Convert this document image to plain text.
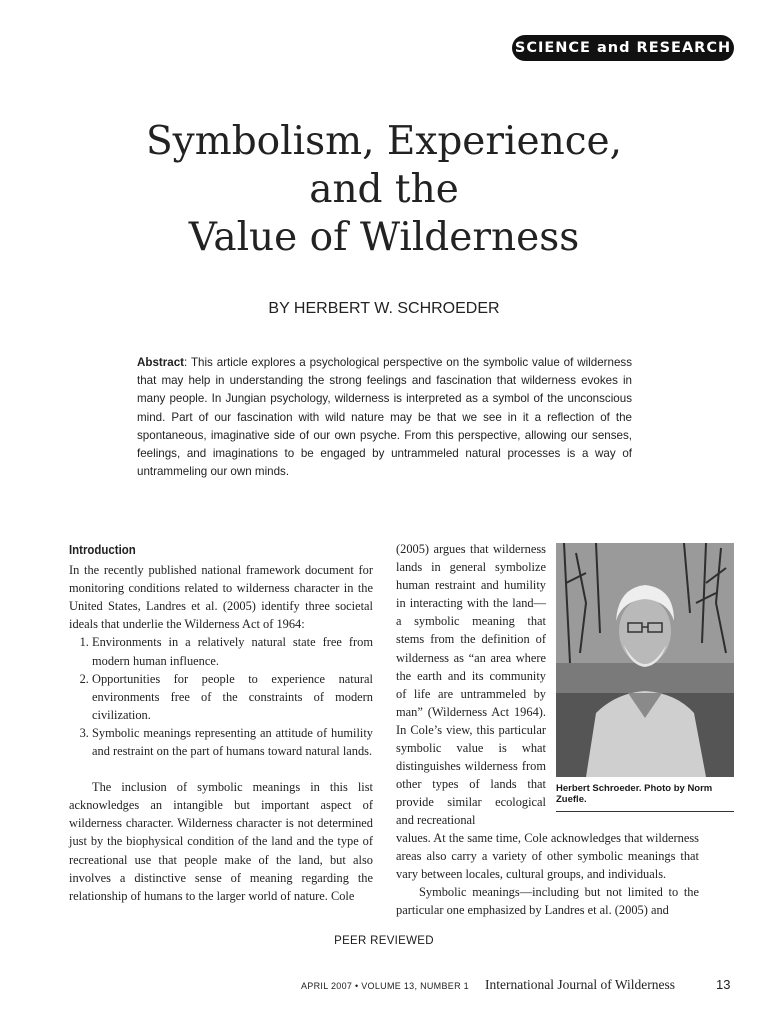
SCIENCE and RESEARCH
Symbolism, Experience,
and the
Value of Wilderness
BY HERBERT W. SCHROEDER

Abstract: This article explores a psychological perspective on the symbolic value of wilderness that may help in understanding the strong feelings and fascination that wilderness evokes in many people. In Jungian psychology, wilderness is interpreted as a symbol of the unconscious mind. Part of our fascination with wild nature may be that we see in it a reflection of the spontaneous, imaginative side of our own psyche. From this perspective, allowing our senses, feelings, and imaginations to be engaged by untrammeled natural processes is a way of untrammeling our own minds.

Introduction

In the recently published national framework document for monitoring conditions related to wilderness character in the United States, Landres et al. (2005) identify three societal ideals that underlie the Wilderness Act of 1964:

1. Environments in a relatively natural state free from modern human influence.
2. Opportunities for people to experience natural environments free of the constraints of modern civilization.
3. Symbolic meanings representing an attitude of humility and restraint on the part of humans toward natural lands.

The inclusion of symbolic meanings in this list acknowledges an intangible but important aspect of wilderness character. Wilderness character is not determined just by the biophysical condition of the land and the type of recreational use that people make of the land, but also involves a distinctive sense of meaning regarding the relationship of humans to the larger world of nature. Cole

(2005) argues that wilderness lands in general symbolize human restraint and humility in interacting with the land—a symbolic meaning that stems from the definition of wilderness as “an area where the earth and its community of life are untrammeled by man” (Wilderness Act 1964). In Cole’s view, this particular symbolic value is what distinguishes wilderness from other types of lands that provide similar ecological and recreational

Herbert Schroeder. Photo by Norm Zuefle.

values. At the same time, Cole acknowledges that wilderness areas also carry a variety of other symbolic meanings that vary between locales, cultural groups, and individuals.

Symbolic meanings—including but not limited to the particular one emphasized by Landres et al. (2005) and

PEER REVIEWED
APRIL 2007 • VOLUME 13, NUMBER 1 International Journal of Wilderness	13
